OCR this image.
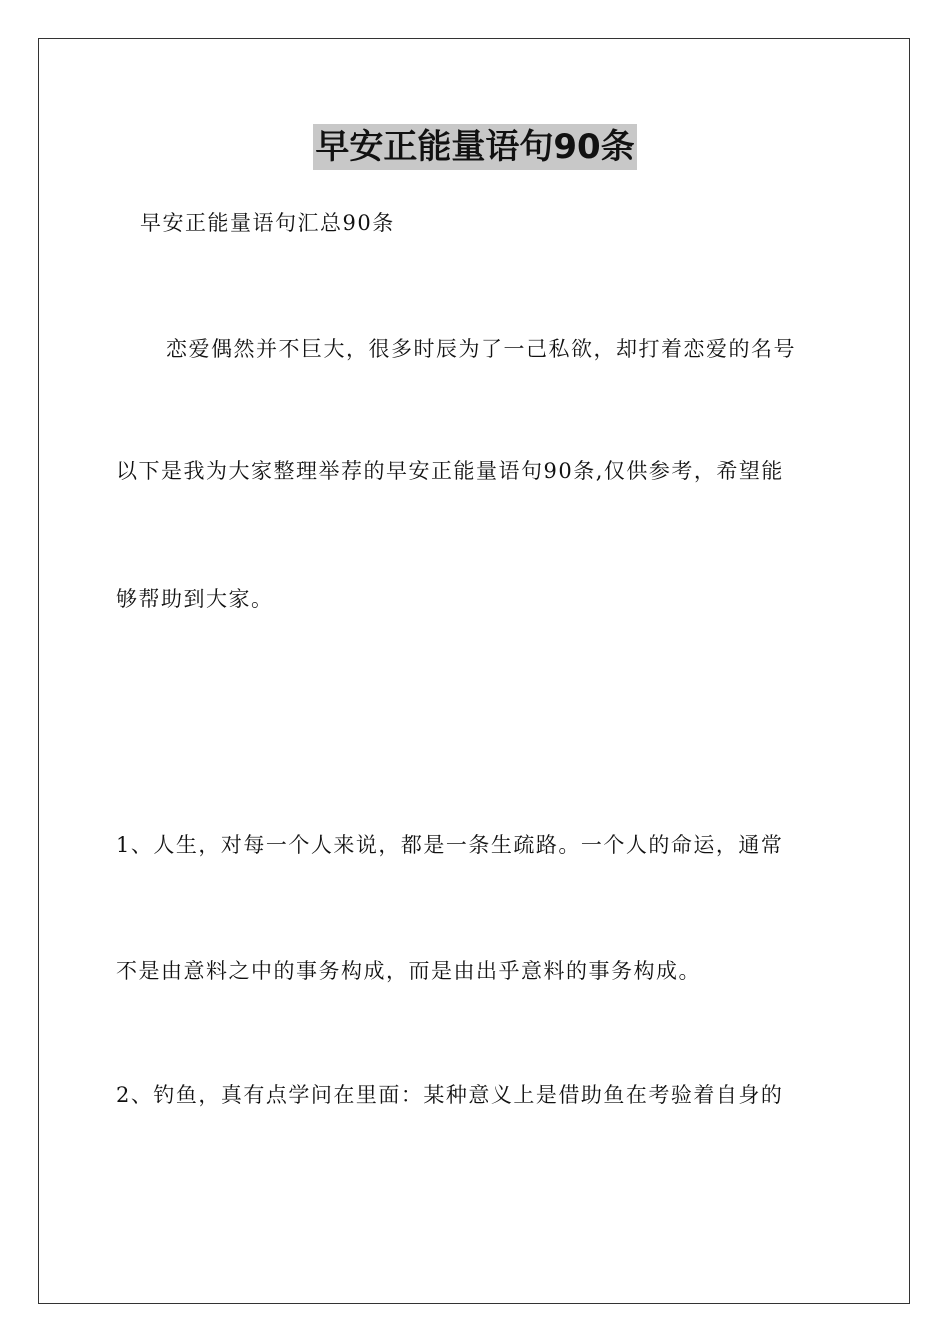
早安正能量语句90条
早安正能量语句汇总90条
恋爱偶然并不巨大，很多时辰为了一己私欲，却打着恋爱的名号
以下是我为大家整理举荐的早安正能量语句90条,仅供参考，希望能
够帮助到大家。
1、人生，对每一个人来说，都是一条生疏路。一个人的命运，通常
不是由意料之中的事务构成，而是由出乎意料的事务构成。
2、钓鱼，真有点学问在里面：某种意义上是借助鱼在考验着自身的
